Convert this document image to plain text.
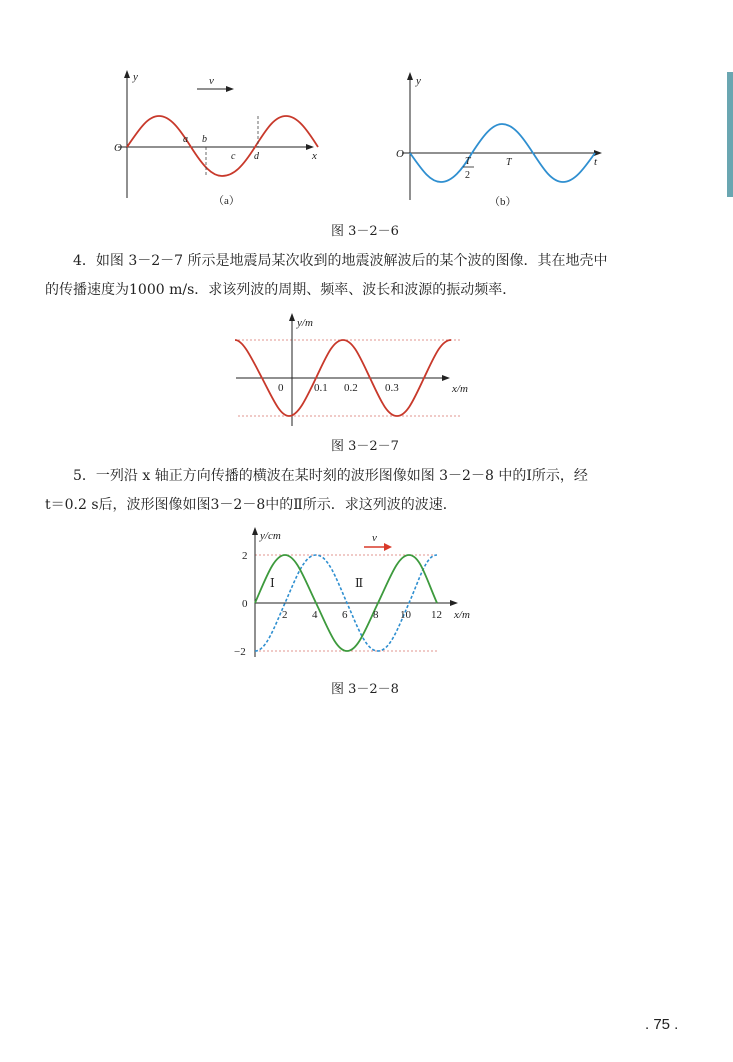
v
y
x
O
a b
c d
（a）
y
t
O
T
2
T
（b）
图 3－2－6

4．如图 3－2－7 所示是地震局某次收到的地震波解波后的某个波的图像．其在地壳中

的传播速度为1000 m/s．求该列波的周期、频率、波长和波源的振动频率．

y/m
x/m
0	0.1 0.2 0.3
图 3－2－7

5．一列沿 x 轴正方向传播的横波在某时刻的波形图像如图 3－2－8 中的Ⅰ所示，经

t＝0.2 s后，波形图像如图3－2－8中的Ⅱ所示．求这列波的波速．

v
y/cm
x/m
2
0
−2
2 4 6 8 10 12
Ⅰ	Ⅱ
图 3－2－8
. 75 .
